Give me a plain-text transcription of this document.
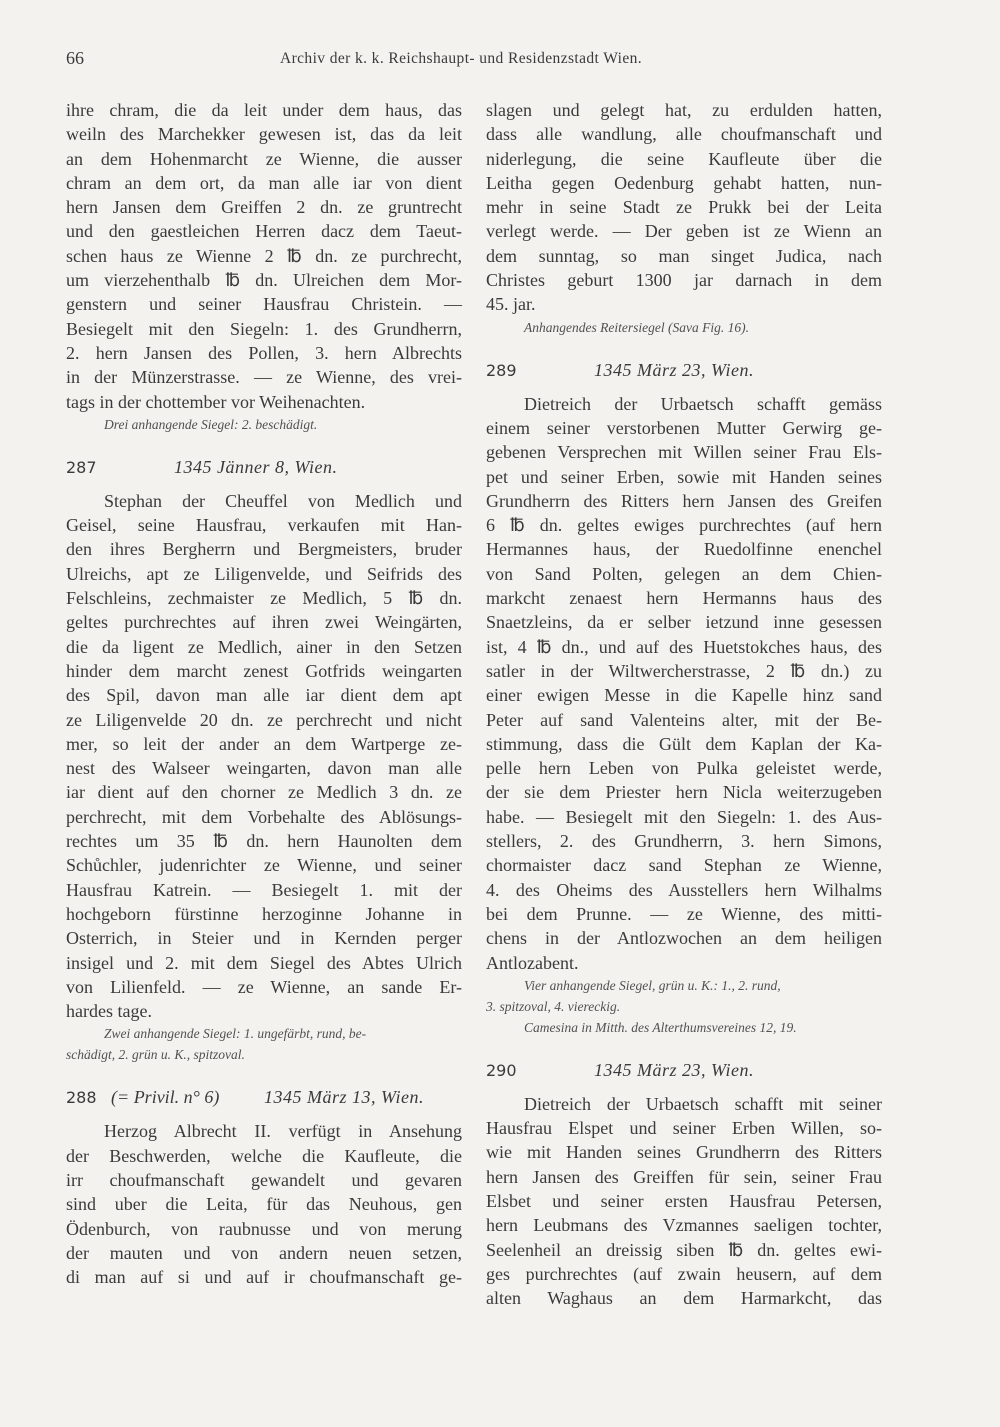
66	Archiv der k. k. Reichshaupt- und Residenzstadt Wien.
ihre chram, die da leit under dem haus, das
weiln des Marchekker gewesen ist, das da leit
an dem Hohenmarcht ze Wienne, die ausser
chram an dem ort, da man alle iar von dient
hern Jansen dem Greiffen 2 dn. ze gruntrecht
und den gaestleichen Herren dacz dem Taeut-
schen haus ze Wienne 2 ℔ dn. ze purchrecht,
um vierzehenthalb ℔ dn. Ulreichen dem Mor-
genstern und seiner Hausfrau Christein. —
Besiegelt mit den Siegeln: 1. des Grundherrn,
2. hern Jansen des Pollen, 3. hern Albrechts
in der Münzerstrasse. — ze Wienne, des vrei-
tags in der chottember vor Weihenachten.
Drei anhangende Siegel: 2. beschädigt.
287	1345 Jänner 8, Wien.
Stephan der Cheuffel von Medlich und
Geisel, seine Hausfrau, verkaufen mit Han-
den ihres Bergherrn und Bergmeisters, bruder
Ulreichs, apt ze Liligenvelde, und Seifrids des
Felschleins, zechmaister ze Medlich, 5 ℔ dn.
geltes purchrechtes auf ihren zwei Weingärten,
die da ligent ze Medlich, ainer in den Setzen
hinder dem marcht zenest Gotfrids weingarten
des Spil, davon man alle iar dient dem apt
ze Liligenvelde 20 dn. ze perchrecht und nicht
mer, so leit der ander an dem Wartperge ze-
nest des Walseer weingarten, davon man alle
iar dient auf den chorner ze Medlich 3 dn. ze
perchrecht, mit dem Vorbehalte des Ablösungs-
rechtes um 35 ℔ dn. hern Haunolten dem
Schůchler, judenrichter ze Wienne, und seiner
Hausfrau Katrein. — Besiegelt 1. mit der
hochgeborn fürstinne herzoginne Johanne in
Osterrich, in Steier und in Kernden perger
insigel und 2. mit dem Siegel des Abtes Ulrich
von Lilienfeld. — ze Wienne, an sande Er-
hardes tage.
Zwei anhangende Siegel: 1. ungefärbt, rund, be-
schädigt, 2. grün u. K., spitzoval.
288 (= Privil. n° 6) 1345 März 13, Wien.
Herzog Albrecht II. verfügt in Ansehung
der Beschwerden, welche die Kaufleute, die
irr choufmanschaft gewandelt und gevaren
sind uber die Leita, für das Neuhous, gen
Ödenburch, von raubnusse und von merung
der mauten und von andern neuen setzen,
di man auf si und auf ir choufmanschaft ge-
slagen und gelegt hat, zu erdulden hatten,
dass alle wandlung, alle choufmanschaft und
niderlegung, die seine Kaufleute über die
Leitha gegen Oedenburg gehabt hatten, nun-
mehr in seine Stadt ze Prukk bei der Leita
verlegt werde. — Der geben ist ze Wienn an
dem sunntag, so man singet Judica, nach
Christes geburt 1300 jar darnach in dem
45. jar.
Anhangendes Reitersiegel (Sava Fig. 16).
289	1345 März 23, Wien.
Dietreich der Urbaetsch schafft gemäss
einem seiner verstorbenen Mutter Gerwirg ge-
gebenen Versprechen mit Willen seiner Frau Els-
pet und seiner Erben, sowie mit Handen seines
Grundherrn des Ritters hern Jansen des Greifen
6 ℔ dn. geltes ewiges purchrechtes (auf hern
Hermannes haus, der Ruedolfinne enenchel
von Sand Polten, gelegen an dem Chien-
markcht zenaest hern Hermanns haus des
Snaetzleins, da er selber ietzund inne gesessen
ist, 4 ℔ dn., und auf des Huetstokches haus, des
satler in der Wiltwercherstrasse, 2 ℔ dn.) zu
einer ewigen Messe in die Kapelle hinz sand
Peter auf sand Valenteins alter, mit der Be-
stimmung, dass die Gült dem Kaplan der Ka-
pelle hern Leben von Pulka geleistet werde,
der sie dem Priester hern Nicla weiterzugeben
habe. — Besiegelt mit den Siegeln: 1. des Aus-
stellers, 2. des Grundherrn, 3. hern Simons,
chormaister dacz sand Stephan ze Wienne,
4. des Oheims des Ausstellers hern Wilhalms
bei dem Prunne. — ze Wienne, des mitti-
chens in der Antlozwochen an dem heiligen
Antlozabent.
Vier anhangende Siegel, grün u. K.: 1., 2. rund,
3. spitzoval, 4. viereckig.
Camesina in Mitth. des Alterthumsvereines 12, 19.
290	1345 März 23, Wien.
Dietreich der Urbaetsch schafft mit seiner
Hausfrau Elspet und seiner Erben Willen, so-
wie mit Handen seines Grundherrn des Ritters
hern Jansen des Greiffen für sein, seiner Frau
Elsbet und seiner ersten Hausfrau Petersen,
hern Leubmans des Vzmannes saeligen tochter,
Seelenheil an dreissig siben ℔ dn. geltes ewi-
ges purchrechtes (auf zwain heusern, auf dem
alten Waghaus an dem Harmarkcht, das
